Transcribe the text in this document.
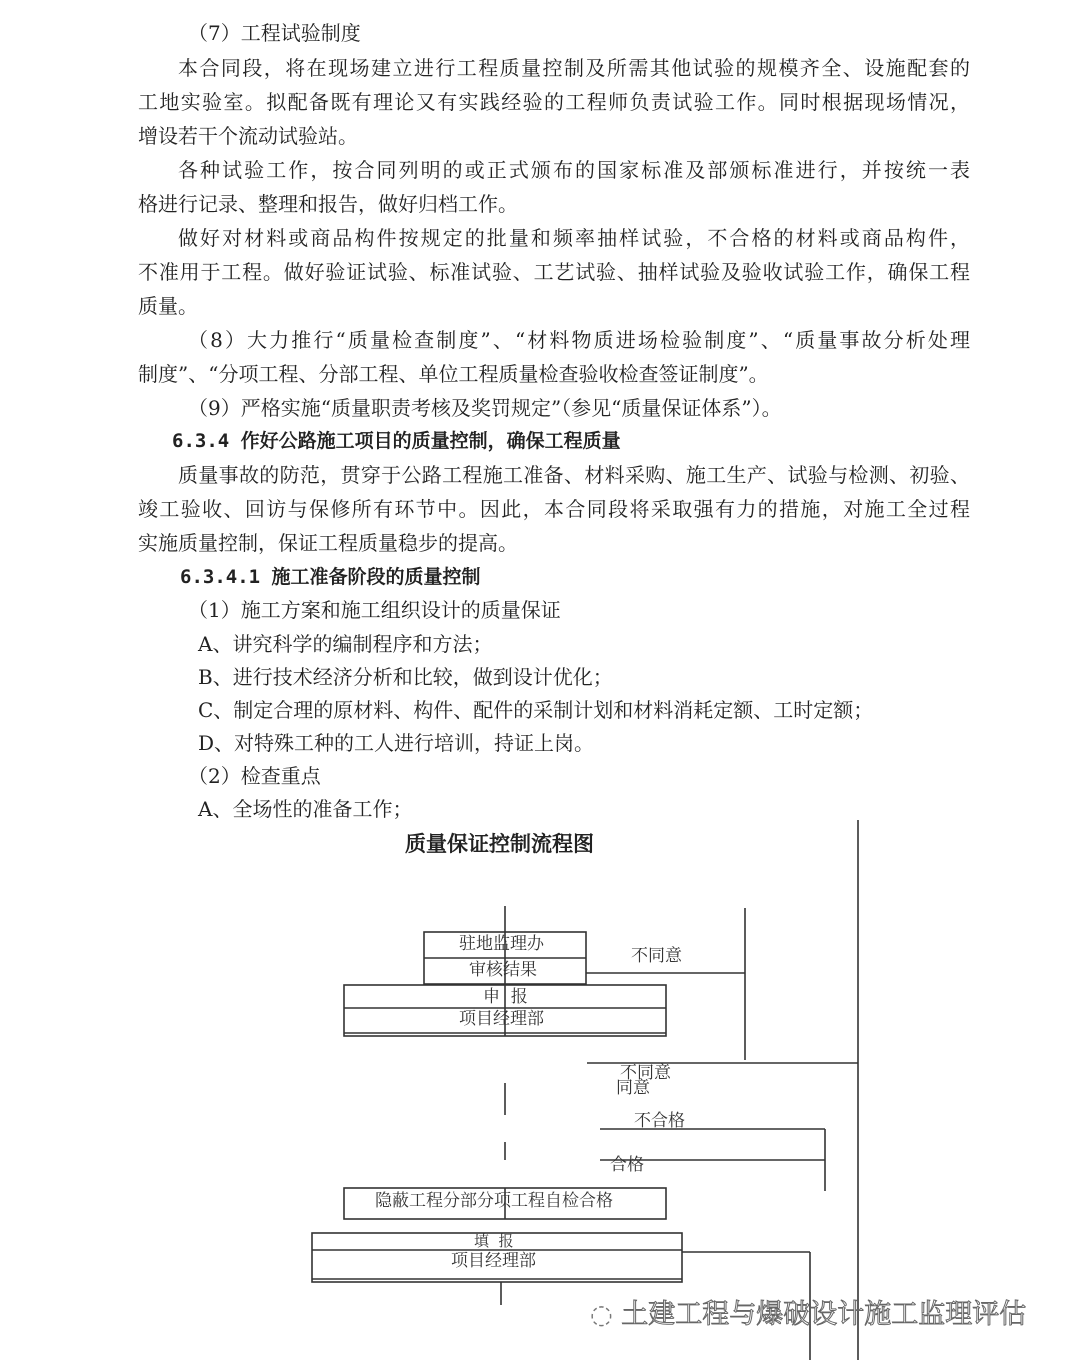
（7）工程试验制度
本合同段，将在现场建立进行工程质量控制及所需其他试验的规模齐全、设施配套的
工地实验室。拟配备既有理论又有实践经验的工程师负责试验工作。同时根据现场情况，
增设若干个流动试验站。
各种试验工作，按合同列明的或正式颁布的国家标准及部颁标准进行，并按统一表
格进行记录、整理和报告，做好归档工作。
做好对材料或商品构件按规定的批量和频率抽样试验，不合格的材料或商品构件，
不准用于工程。做好验证试验、标准试验、工艺试验、抽样试验及验收试验工作，确保工程
质量。
（8）大力推行“质量检查制度”、“材料物质进场检验制度”、“质量事故分析处理
制度”、“分项工程、分部工程、单位工程质量检查验收检查签证制度”。
（9）严格实施“质量职责考核及奖罚规定”（参见“质量保证体系”）。
6.3.4 作好公路施工项目的质量控制，确保工程质量
质量事故的防范，贯穿于公路工程施工准备、材料采购、施工生产、试验与检测、初验、
竣工验收、回访与保修所有环节中。因此，本合同段将采取强有力的措施，对施工全过程
实施质量控制，保证工程质量稳步的提高。
6.3.4.1 施工准备阶段的质量控制
（1）施工方案和施工组织设计的质量保证
A、讲究科学的编制程序和方法；
B、进行技术经济分析和比较，做到设计优化；
C、制定合理的原材料、构件、配件的采制计划和材料消耗定额、工时定额；
D、对特殊工种的工人进行培训，持证上岗。
（2）检查重点
A、全场性的准备工作；
质量保证控制流程图
驻地监理办
审核结果
申  报
项目经理部
不同意
不同意
同意
不合格
合格
隐蔽工程分部分项工程自检合格
填  报
项目经理部
◌ 土建工程与爆破设计施工监理评估
